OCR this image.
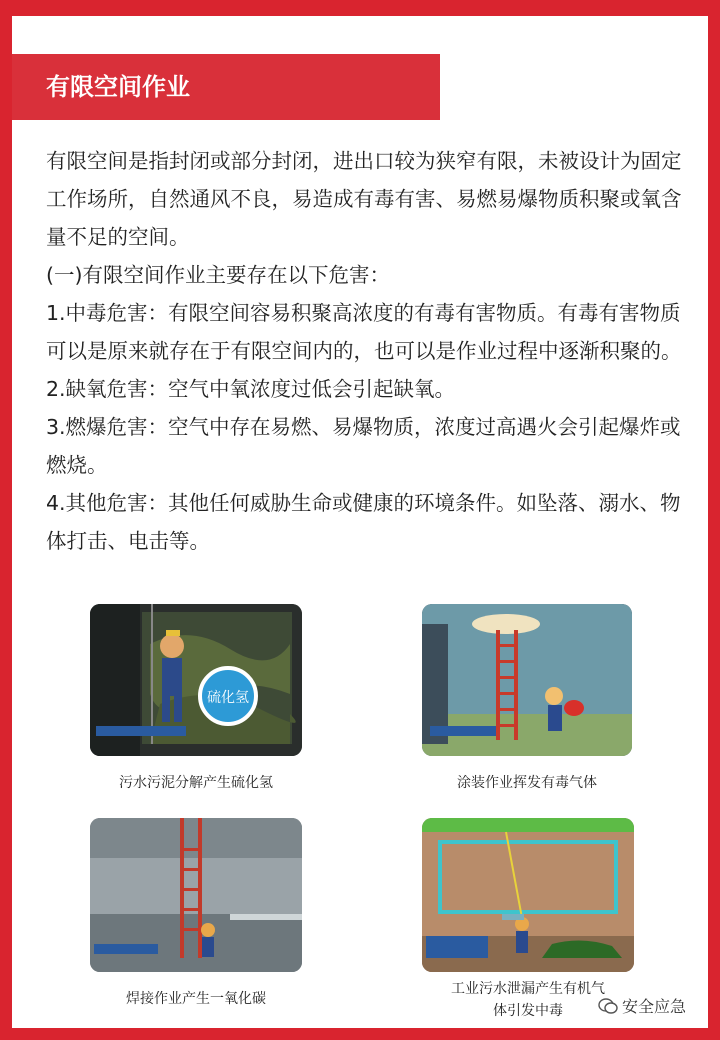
有限空间作业

有限空间是指封闭或部分封闭，进出口较为狭窄有限，未被设计为固定工作场所，自然通风不良，易造成有毒有害、易燃易爆物质积聚或氧含量不足的空间。

(一)有限空间作业主要存在以下危害：

1.中毒危害：有限空间容易积聚高浓度的有毒有害物质。有毒有害物质可以是原来就存在于有限空间内的，也可以是作业过程中逐渐积聚的。

2.缺氧危害：空气中氧浓度过低会引起缺氧。

3.燃爆危害：空气中存在易燃、易爆物质，浓度过高遇火会引起爆炸或燃烧。

4.其他危害：其他任何威胁生命或健康的环境条件。如坠落、溺水、物体打击、电击等。

硫化氢
污水污泥分解产生硫化氢	涂装作业挥发有毒气体
焊接作业产生一氧化碳
工业污水泄漏产生有机气
体引发中毒	安全应急
